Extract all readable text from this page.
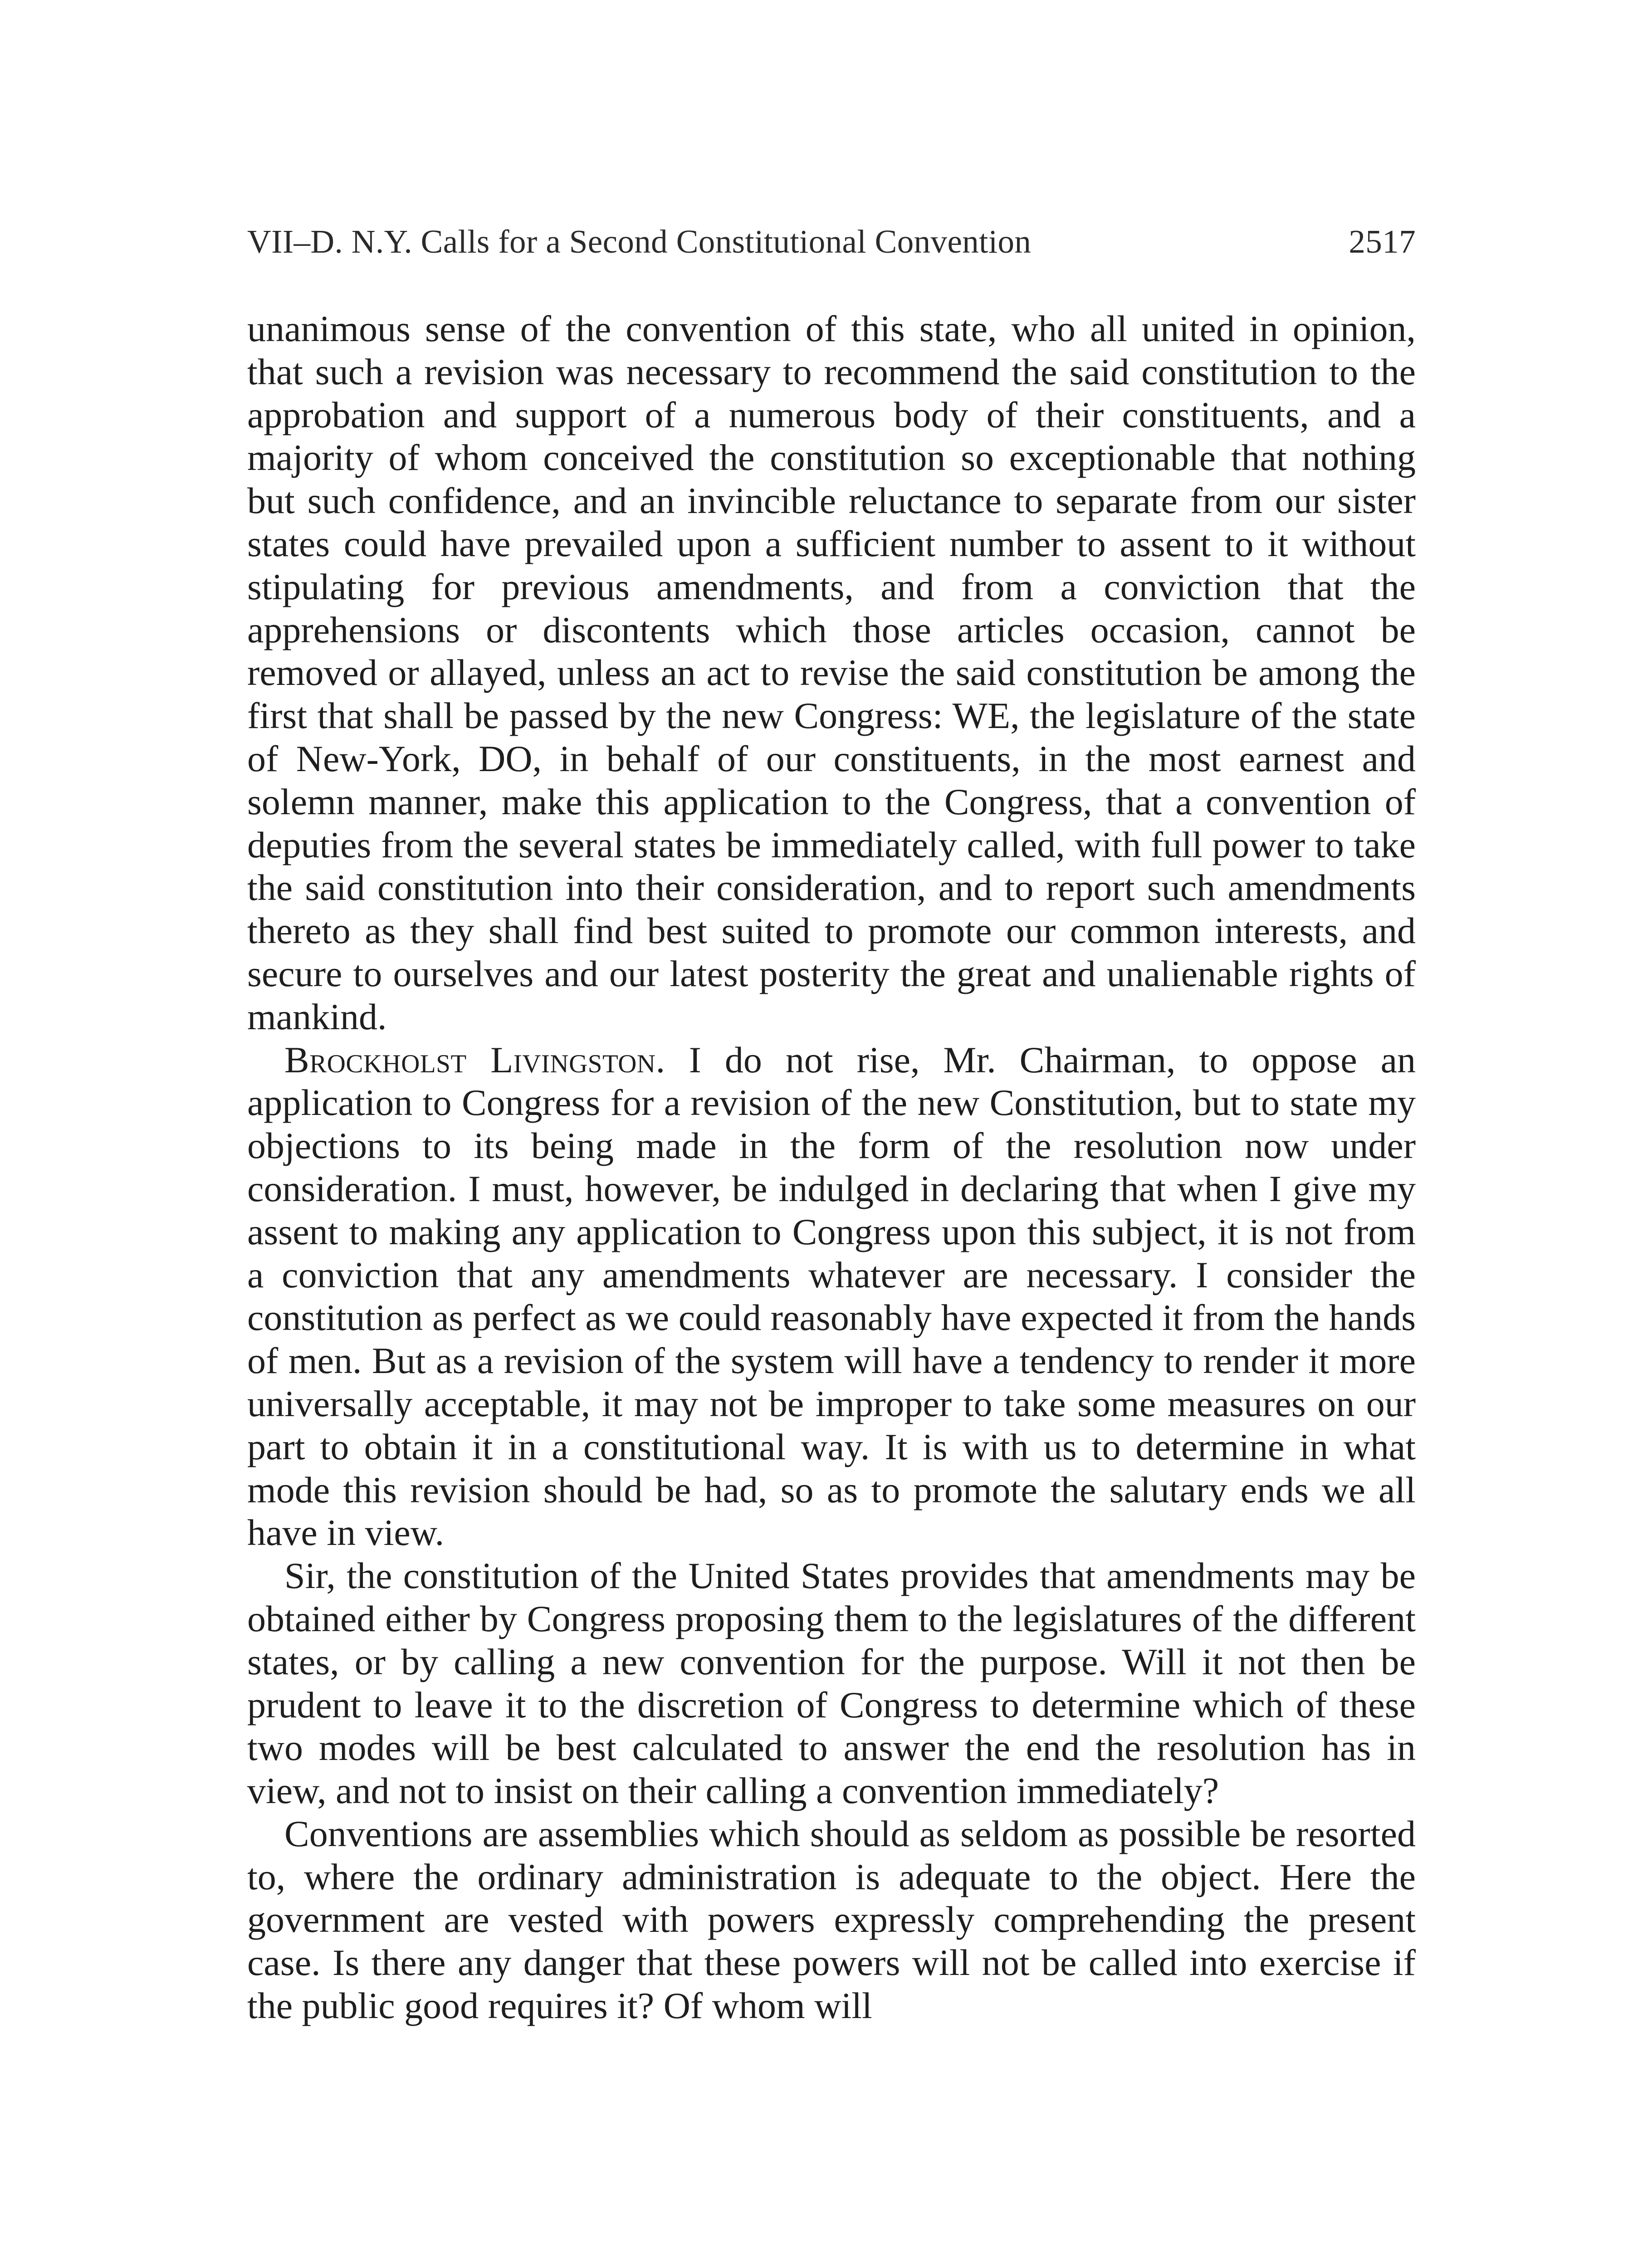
VII–D. N.Y. Calls for a Second Constitutional Convention	2517

unanimous sense of the convention of this state, who all united in opinion, that such a revision was necessary to recommend the said constitution to the approbation and support of a numerous body of their constituents, and a majority of whom conceived the constitution so exceptionable that nothing but such confidence, and an invincible reluctance to separate from our sister states could have prevailed upon a sufficient number to assent to it without stipulating for previous amendments, and from a conviction that the apprehensions or discontents which those articles occasion, cannot be removed or allayed, unless an act to revise the said constitution be among the first that shall be passed by the new Congress: WE, the legislature of the state of New-York, DO, in behalf of our constituents, in the most earnest and solemn manner, make this application to the Congress, that a convention of deputies from the several states be immediately called, with full power to take the said constitution into their consideration, and to report such amendments thereto as they shall find best suited to promote our common interests, and secure to ourselves and our latest posterity the great and unalienable rights of mankind.

Brockholst Livingston. I do not rise, Mr. Chairman, to oppose an application to Congress for a revision of the new Constitution, but to state my objections to its being made in the form of the resolution now under consideration. I must, however, be indulged in declaring that when I give my assent to making any application to Congress upon this subject, it is not from a conviction that any amendments whatever are necessary. I consider the constitution as perfect as we could reasonably have expected it from the hands of men. But as a revision of the system will have a tendency to render it more universally acceptable, it may not be improper to take some measures on our part to obtain it in a constitutional way. It is with us to determine in what mode this revision should be had, so as to promote the salutary ends we all have in view.

Sir, the constitution of the United States provides that amendments may be obtained either by Congress proposing them to the legislatures of the different states, or by calling a new convention for the purpose. Will it not then be prudent to leave it to the discretion of Congress to determine which of these two modes will be best calculated to answer the end the resolution has in view, and not to insist on their calling a convention immediately?

Conventions are assemblies which should as seldom as possible be resorted to, where the ordinary administration is adequate to the object. Here the government are vested with powers expressly comprehending the present case. Is there any danger that these powers will not be called into exercise if the public good requires it? Of whom will
